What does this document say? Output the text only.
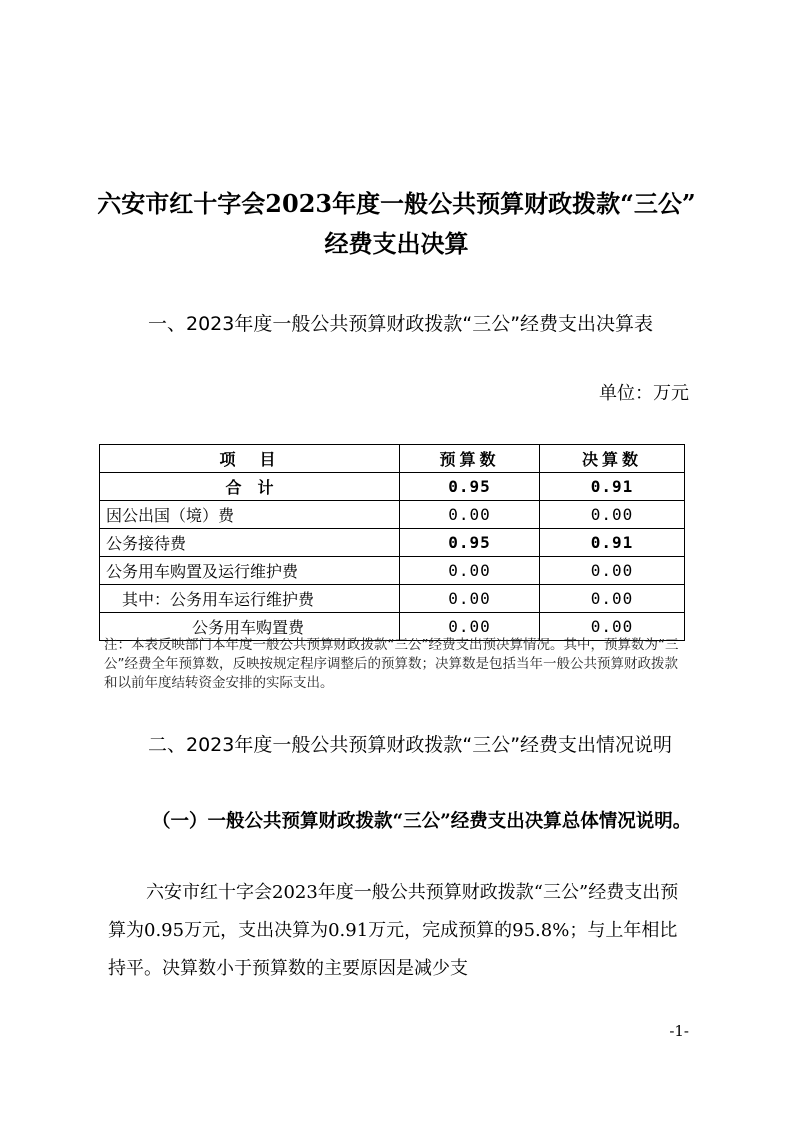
六安市红十字会2023年度一般公共预算财政拨款“三公”
经费支出决算
一、2023年度一般公共预算财政拨款“三公”经费支出决算表
单位：万元
项　目	预算数	决算数
合　计	0.95	0.91
因公出国（境）费	0.00	0.00
公务接待费	0.95	0.91
公务用车购置及运行维护费	0.00	0.00
其中：公务用车运行维护费	0.00	0.00
公务用车购置费	0.00	0.00
注：本表反映部门本年度一般公共预算财政拨款“三公”经费支出预决算情况。其中，预算数为“三公”经费全年预算数，反映按规定程序调整后的预算数；决算数是包括当年一般公共预算财政拨款和以前年度结转资金安排的实际支出。
二、2023年度一般公共预算财政拨款“三公”经费支出情况说明
（一）一般公共预算财政拨款“三公”经费支出决算总体情况说明。
六安市红十字会2023年度一般公共预算财政拨款“三公”经费支出预算为0.95万元，支出决算为0.91万元，完成预算的95.8%；与上年相比持平。决算数小于预算数的主要原因是减少支
-1-
